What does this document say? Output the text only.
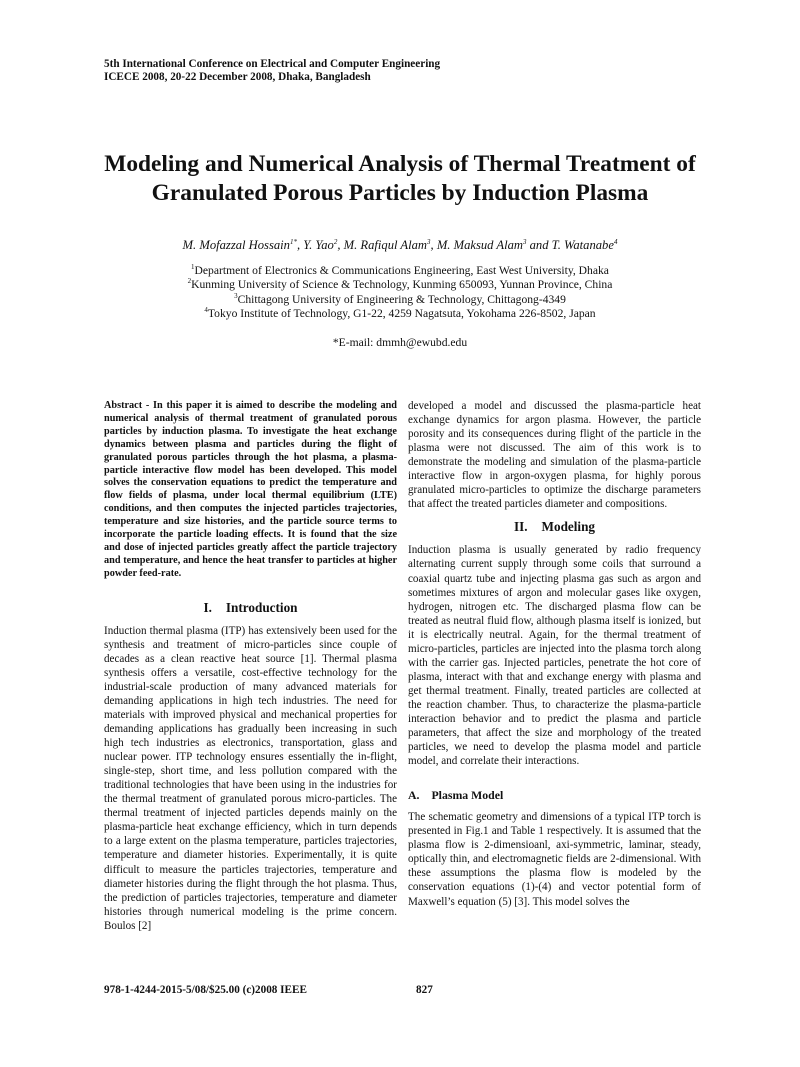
5th International Conference on Electrical and Computer Engineering
ICECE 2008, 20-22 December 2008, Dhaka, Bangladesh
Modeling and Numerical Analysis of Thermal Treatment of Granulated Porous Particles by Induction Plasma
M. Mofazzal Hossain$^{1*}$, Y. Yao$^2$, M. Rafiqul Alam$^3$, M. Maksud Alam$^3$ and T. Watanabe$^4$
$^1$Department of Electronics & Communications Engineering, East West University, Dhaka
$^2$Kunming University of Science & Technology, Kunming 650093, Yunnan Province, China
$^3$Chittagong University of Engineering & Technology, Chittagong-4349
$^4$Tokyo Institute of Technology, G1-22, 4259 Nagatsuta, Yokohama 226-8502, Japan
*E-mail: dmmh@ewubd.edu

Abstract - In this paper it is aimed to describe the modeling and numerical analysis of thermal treatment of granulated porous particles by induction plasma. To investigate the heat exchange dynamics between plasma and particles during the flight of granulated porous particles through the hot plasma, a plasma-particle interactive flow model has been developed. This model solves the conservation equations to predict the temperature and flow fields of plasma, under local thermal equilibrium (LTE) conditions, and then computes the injected particles trajectories, temperature and size histories, and the particle source terms to incorporate the particle loading effects. It is found that the size and dose of injected particles greatly affect the particle trajectory and temperature, and hence the heat transfer to particles at higher powder feed-rate.

I. Introduction

Induction thermal plasma (ITP) has extensively been used for the synthesis and treatment of micro-particles since couple of decades as a clean reactive heat source [1]. Thermal plasma synthesis offers a versatile, cost-effective technology for the industrial-scale production of many advanced materials for demanding applications in high tech industries. The need for materials with improved physical and mechanical properties for demanding applications has gradually been increasing in such high tech industries as electronics, transportation, glass and nuclear power. ITP technology ensures essentially the in-flight, single-step, short time, and less pollution compared with the traditional technologies that have been using in the industries for the thermal treatment of granulated porous micro-particles. The thermal treatment of injected particles depends mainly on the plasma-particle heat exchange efficiency, which in turn depends to a large extent on the plasma temperature, particles trajectories, temperature and diameter histories. Experimentally, it is quite difficult to measure the particles trajectories, temperature and diameter histories during the flight through the hot plasma. Thus, the prediction of particles trajectories, temperature and diameter histories through numerical modeling is the prime concern. Boulos [2]

developed a model and discussed the plasma-particle heat exchange dynamics for argon plasma. However, the particle porosity and its consequences during flight of the particle in the plasma were not discussed. The aim of this work is to demonstrate the modeling and simulation of the plasma-particle interactive flow in argon-oxygen plasma, for highly porous granulated micro-particles to optimize the discharge parameters that affect the treated particles diameter and compositions.

II. Modeling

Induction plasma is usually generated by radio frequency alternating current supply through some coils that surround a coaxial quartz tube and injecting plasma gas such as argon and sometimes mixtures of argon and molecular gases like oxygen, hydrogen, nitrogen etc. The discharged plasma flow can be treated as neutral fluid flow, although plasma itself is ionized, but it is electrically neutral. Again, for the thermal treatment of micro-particles, particles are injected into the plasma torch along with the carrier gas. Injected particles, penetrate the hot core of plasma, interact with that and exchange energy with plasma and get thermal treatment. Finally, treated particles are collected at the reaction chamber. Thus, to characterize the plasma-particle interaction behavior and to predict the plasma and particle parameters, that affect the size and morphology of the treated particles, we need to develop the plasma model and particle model, and correlate their interactions.

A. Plasma Model

The schematic geometry and dimensions of a typical ITP torch is presented in Fig.1 and Table 1 respectively. It is assumed that the plasma flow is 2-dimensioanl, axi-symmetric, laminar, steady, optically thin, and electromagnetic fields are 2-dimensional. With these assumptions the plasma flow is modeled by the conservation equations (1)-(4) and vector potential form of Maxwell’s equation (5) [3]. This model solves the

978-1-4244-2015-5/08/$25.00 (c)2008 IEEE	827
